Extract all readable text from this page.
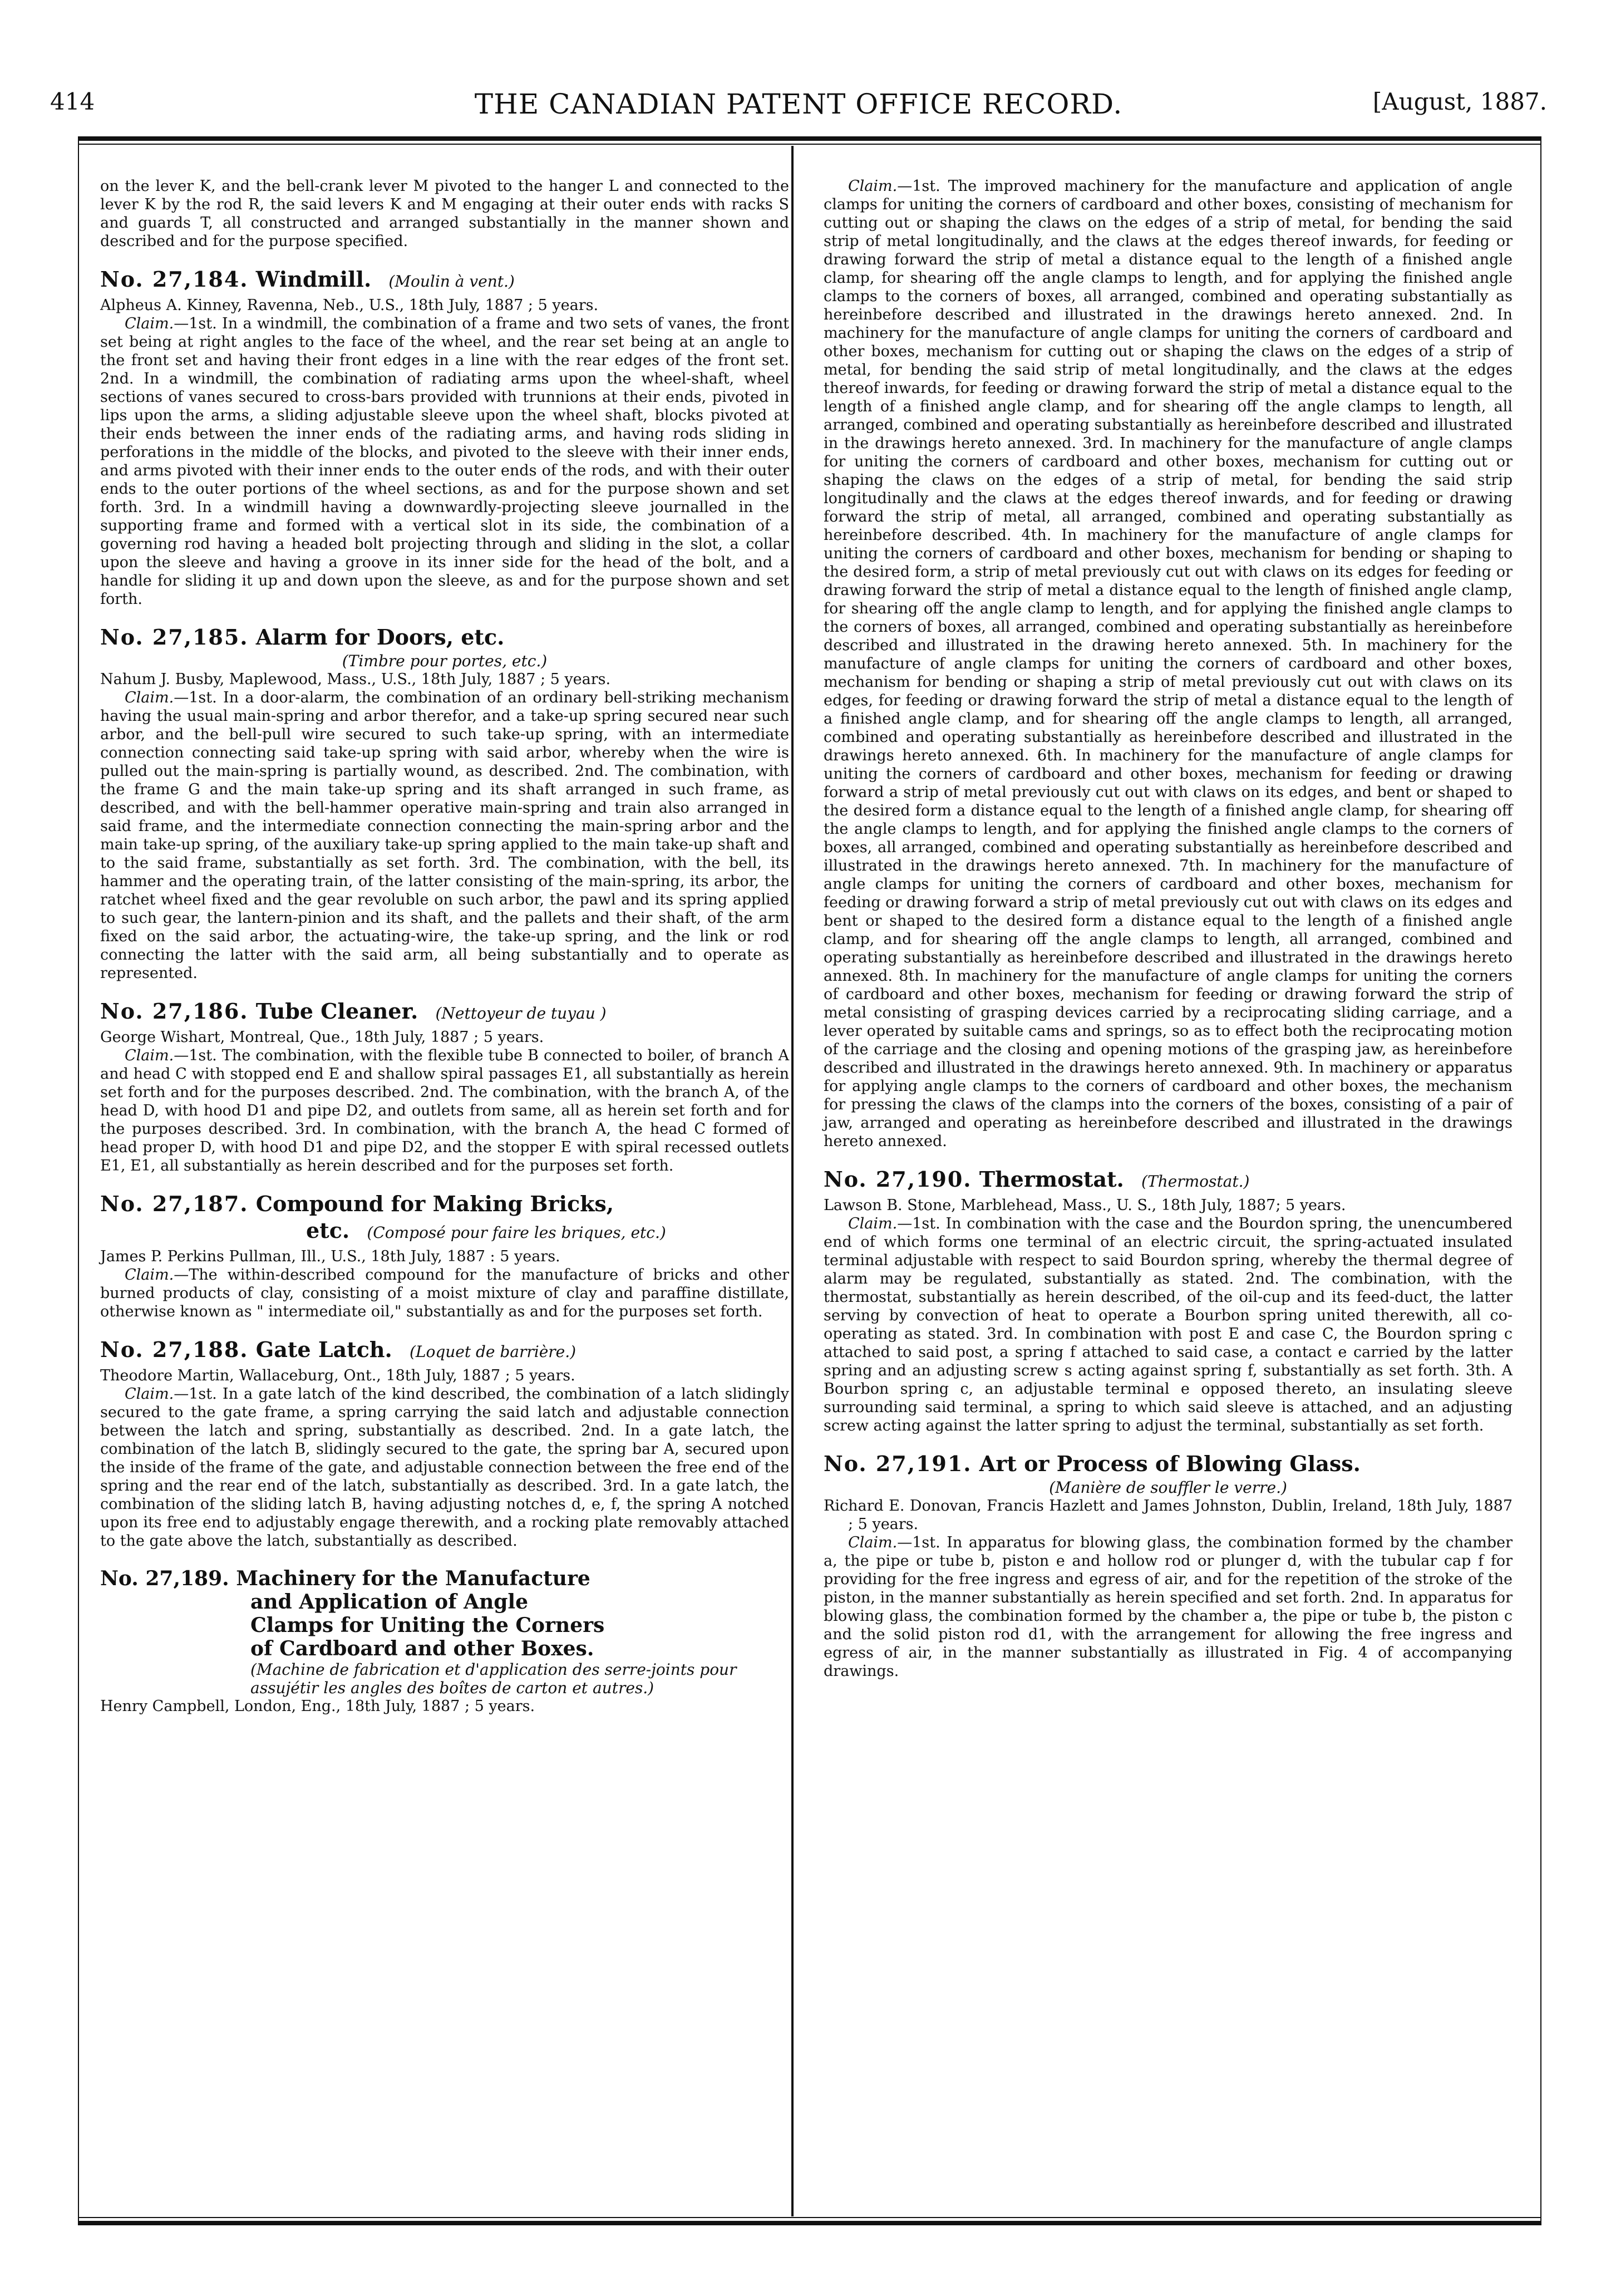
414	THE CANADIAN PATENT OFFICE RECORD.	[August, 1887.

on the lever K, and the bell-crank lever M pivoted to the hanger L and connected to the lever K by the rod R, the said levers K and M engaging at their outer ends with racks S and guards T, all constructed and arranged substantially in the manner shown and described and for the purpose specified.

No. 27,184. Windmill. (Moulin à vent.)

Alpheus A. Kinney, Ravenna, Neb., U.S., 18th July, 1887 ; 5 years.

Claim.—1st. In a windmill, the combination of a frame and two sets of vanes, the front set being at right angles to the face of the wheel, and the rear set being at an angle to the front set and having their front edges in a line with the rear edges of the front set. 2nd. In a windmill, the combination of radiating arms upon the wheel-shaft, wheel sections of vanes secured to cross-bars provided with trunnions at their ends, pivoted in lips upon the arms, a sliding adjustable sleeve upon the wheel shaft, blocks pivoted at their ends between the inner ends of the radiating arms, and having rods sliding in perforations in the middle of the blocks, and pivoted to the sleeve with their inner ends, and arms pivoted with their inner ends to the outer ends of the rods, and with their outer ends to the outer portions of the wheel sections, as and for the purpose shown and set forth. 3rd. In a windmill having a downwardly-projecting sleeve journalled in the supporting frame and formed with a vertical slot in its side, the combination of a governing rod having a headed bolt projecting through and sliding in the slot, a collar upon the sleeve and having a groove in its inner side for the head of the bolt, and a handle for sliding it up and down upon the sleeve, as and for the purpose shown and set forth.

No. 27,185. Alarm for Doors, etc.

(Timbre pour portes, etc.)

Nahum J. Busby, Maplewood, Mass., U.S., 18th July, 1887 ; 5 years.

Claim.—1st. In a door-alarm, the combination of an ordinary bell-striking mechanism having the usual main-spring and arbor therefor, and a take-up spring secured near such arbor, and the bell-pull wire secured to such take-up spring, with an intermediate connection connecting said take-up spring with said arbor, whereby when the wire is pulled out the main-spring is partially wound, as described. 2nd. The combination, with the frame G and the main take-up spring and its shaft arranged in such frame, as described, and with the bell-hammer operative main-spring and train also arranged in said frame, and the intermediate connection connecting the main-spring arbor and the main take-up spring, of the auxiliary take-up spring applied to the main take-up shaft and to the said frame, substantially as set forth. 3rd. The combination, with the bell, its hammer and the operating train, of the latter consisting of the main-spring, its arbor, the ratchet wheel fixed and the gear revoluble on such arbor, the pawl and its spring applied to such gear, the lantern-pinion and its shaft, and the pallets and their shaft, of the arm fixed on the said arbor, the actuating-wire, the take-up spring, and the link or rod connecting the latter with the said arm, all being substantially and to operate as represented.

No. 27,186. Tube Cleaner. (Nettoyeur de tuyau )

George Wishart, Montreal, Que., 18th July, 1887 ; 5 years.

Claim.—1st. The combination, with the flexible tube B connected to boiler, of branch A and head C with stopped end E and shallow spiral passages E1, all substantially as herein set forth and for the purposes described. 2nd. The combination, with the branch A, of the head D, with hood D1 and pipe D2, and outlets from same, all as herein set forth and for the purposes described. 3rd. In combination, with the branch A, the head C formed of head proper D, with hood D1 and pipe D2, and the stopper E with spiral recessed outlets E1, E1, all substantially as herein described and for the purposes set forth.

No. 27,187. Compound for Making Bricks,
etc. (Composé pour faire les briques, etc.)

James P. Perkins Pullman, Ill., U.S., 18th July, 1887 : 5 years.

Claim.—The within-described compound for the manufacture of bricks and other burned products of clay, consisting of a moist mixture of clay and paraffine distillate, otherwise known as " intermediate oil," substantially as and for the purposes set forth.

No. 27,188. Gate Latch. (Loquet de barrière.)

Theodore Martin, Wallaceburg, Ont., 18th July, 1887 ; 5 years.

Claim.—1st. In a gate latch of the kind described, the combination of a latch slidingly secured to the gate frame, a spring carrying the said latch and adjustable connection between the latch and spring, substantially as described. 2nd. In a gate latch, the combination of the latch B, slidingly secured to the gate, the spring bar A, secured upon the inside of the frame of the gate, and adjustable connection between the free end of the spring and the rear end of the latch, substantially as described. 3rd. In a gate latch, the combination of the sliding latch B, having adjusting notches d, e, f, the spring A notched upon its free end to adjustably engage therewith, and a rocking plate removably attached to the gate above the latch, substantially as described.

No. 27,189. Machinery for the Manufacture
and Application of Angle
Clamps for Uniting the Corners
of Cardboard and other Boxes.

(Machine de fabrication et d'application des serre-joints pour assujétir les angles des boîtes de carton et autres.)

Henry Campbell, London, Eng., 18th July, 1887 ; 5 years.

Claim.—1st. The improved machinery for the manufacture and application of angle clamps for uniting the corners of cardboard and other boxes, consisting of mechanism for cutting out or shaping the claws on the edges of a strip of metal, for bending the said strip of metal longitudinally, and the claws at the edges thereof inwards, for feeding or drawing forward the strip of metal a distance equal to the length of a finished angle clamp, for shearing off the angle clamps to length, and for applying the finished angle clamps to the corners of boxes, all arranged, combined and operating substantially as hereinbefore described and illustrated in the drawings hereto annexed. 2nd. In machinery for the manufacture of angle clamps for uniting the corners of cardboard and other boxes, mechanism for cutting out or shaping the claws on the edges of a strip of metal, for bending the said strip of metal longitudinally, and the claws at the edges thereof inwards, for feeding or drawing forward the strip of metal a distance equal to the length of a finished angle clamp, and for shearing off the angle clamps to length, all arranged, combined and operating substantially as hereinbefore described and illustrated in the drawings hereto annexed. 3rd. In machinery for the manufacture of angle clamps for uniting the corners of cardboard and other boxes, mechanism for cutting out or shaping the claws on the edges of a strip of metal, for bending the said strip longitudinally and the claws at the edges thereof inwards, and for feeding or drawing forward the strip of metal, all arranged, combined and operating substantially as hereinbefore described. 4th. In machinery for the manufacture of angle clamps for uniting the corners of cardboard and other boxes, mechanism for bending or shaping to the desired form, a strip of metal previously cut out with claws on its edges for feeding or drawing forward the strip of metal a distance equal to the length of finished angle clamp, for shearing off the angle clamp to length, and for applying the finished angle clamps to the corners of boxes, all arranged, combined and operating substantially as hereinbefore described and illustrated in the drawing hereto annexed. 5th. In machinery for the manufacture of angle clamps for uniting the corners of cardboard and other boxes, mechanism for bending or shaping a strip of metal previously cut out with claws on its edges, for feeding or drawing forward the strip of metal a distance equal to the length of a finished angle clamp, and for shearing off the angle clamps to length, all arranged, combined and operating substantially as hereinbefore described and illustrated in the drawings hereto annexed. 6th. In machinery for the manufacture of angle clamps for uniting the corners of cardboard and other boxes, mechanism for feeding or drawing forward a strip of metal previously cut out with claws on its edges, and bent or shaped to the desired form a distance equal to the length of a finished angle clamp, for shearing off the angle clamps to length, and for applying the finished angle clamps to the corners of boxes, all arranged, combined and operating substantially as hereinbefore described and illustrated in the drawings hereto annexed. 7th. In machinery for the manufacture of angle clamps for uniting the corners of cardboard and other boxes, mechanism for feeding or drawing forward a strip of metal previously cut out with claws on its edges and bent or shaped to the desired form a distance equal to the length of a finished angle clamp, and for shearing off the angle clamps to length, all arranged, combined and operating substantially as hereinbefore described and illustrated in the drawings hereto annexed. 8th. In machinery for the manufacture of angle clamps for uniting the corners of cardboard and other boxes, mechanism for feeding or drawing forward the strip of metal consisting of grasping devices carried by a reciprocating sliding carriage, and a lever operated by suitable cams and springs, so as to effect both the reciprocating motion of the carriage and the closing and opening motions of the grasping jaw, as hereinbefore described and illustrated in the drawings hereto annexed. 9th. In machinery or apparatus for applying angle clamps to the corners of cardboard and other boxes, the mechanism for pressing the claws of the clamps into the corners of the boxes, consisting of a pair of jaw, arranged and operating as hereinbefore described and illustrated in the drawings hereto annexed.

No. 27,190. Thermostat. (Thermostat.)

Lawson B. Stone, Marblehead, Mass., U. S., 18th July, 1887; 5 years.

Claim.—1st. In combination with the case and the Bourdon spring, the unencumbered end of which forms one terminal of an electric circuit, the spring-actuated insulated terminal adjustable with respect to said Bourdon spring, whereby the thermal degree of alarm may be regulated, substantially as stated. 2nd. The combination, with the thermostat, substantially as herein described, of the oil-cup and its feed-duct, the latter serving by convection of heat to operate a Bourbon spring united therewith, all co-operating as stated. 3rd. In combination with post E and case C, the Bourdon spring c attached to said post, a spring f attached to said case, a contact e carried by the latter spring and an adjusting screw s acting against spring f, substantially as set forth. 3th. A Bourbon spring c, an adjustable terminal e opposed thereto, an insulating sleeve surrounding said terminal, a spring to which said sleeve is attached, and an adjusting screw acting against the latter spring to adjust the terminal, substantially as set forth.

No. 27,191. Art or Process of Blowing Glass.

(Manière de souffler le verre.)

Richard E. Donovan, Francis Hazlett and James Johnston, Dublin, Ireland, 18th July, 1887 ; 5 years.

Claim.—1st. In apparatus for blowing glass, the combination formed by the chamber a, the pipe or tube b, piston e and hollow rod or plunger d, with the tubular cap f for providing for the free ingress and egress of air, and for the repetition of the stroke of the piston, in the manner substantially as herein specified and set forth. 2nd. In apparatus for blowing glass, the combination formed by the chamber a, the pipe or tube b, the piston c and the solid piston rod d1, with the arrangement for allowing the free ingress and egress of air, in the manner substantially as illustrated in Fig. 4 of accompanying drawings.
